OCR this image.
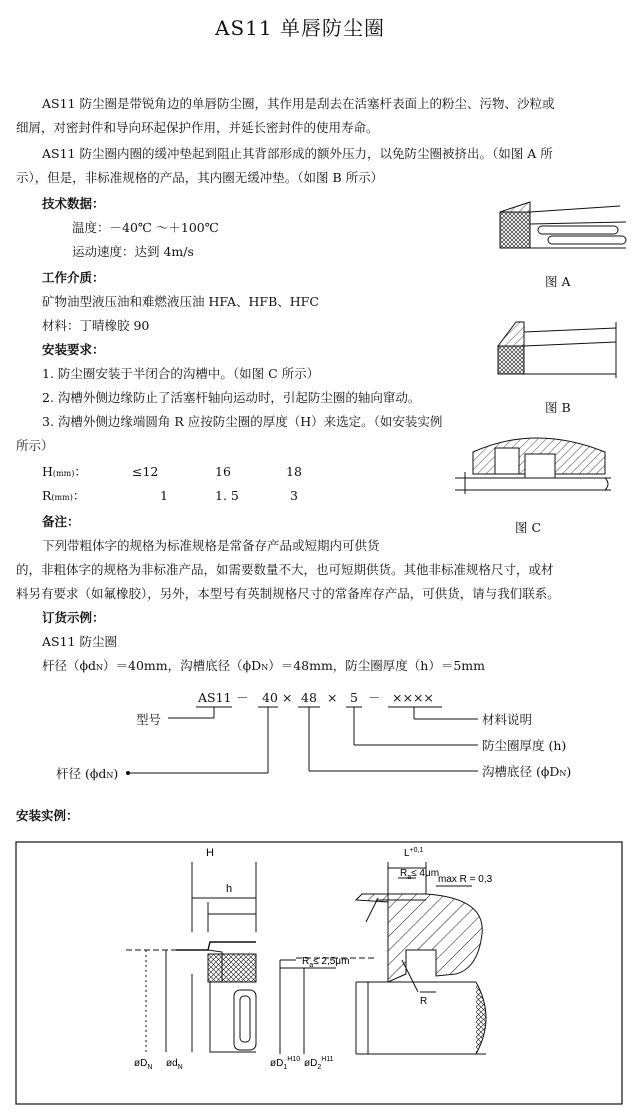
AS11 单唇防尘圈
AS11 防尘圈是带锐角边的单唇防尘圈，其作用是刮去在活塞杆表面上的粉尘、污物、沙粒或
细屑，对密封件和导向环起保护作用，并延长密封件的使用寿命。
AS11 防尘圈内圈的缓冲垫起到阻止其背部形成的额外压力，以免防尘圈被挤出。（如图 A 所
示），但是，非标准规格的产品，其内圈无缓冲垫。（如图 B 所示）
技术数据：
温度：－40℃ ～＋100℃
运动速度：达到 4m/s
工作介质：
矿物油型液压油和难燃液压油 HFA、HFB、HFC
材料：丁晴橡胶 90
安装要求：
1. 防尘圈安装于半闭合的沟槽中。（如图 C 所示）
2. 沟槽外侧边缘防止了活塞杆轴向运动时，引起防尘圈的轴向窜动。
3. 沟槽外侧边缘端圆角 R 应按防尘圈的厚度（H）来选定。（如安装实例
所示）
H(mm)：	≤12	16	18
R(mm)：	1	1. 5	3
备注：
下列带粗体字的规格为标准规格是常备存产品或短期内可供货
的，非粗体字的规格为非标准产品，如需要数量不大，也可短期供货。其他非标准规格尺寸，或材
料另有要求（如氟橡胶），另外，本型号有英制规格尺寸的常备库存产品，可供货，请与我们联系。
订货示例：
AS11 防尘圈
杆径（ϕdN）＝40mm，沟槽底径（ϕDN）＝48mm，防尘圈厚度（h）＝5mm
AS11 － 40 × 48 × 5 － ××××
型号
杆径 (ϕdN)
材料说明
防尘圈厚度 (h)
沟槽底径 (ϕDN)
图 A
图 B
图 C
安装实例：
H
h
$øD_N$ $ød_N$
$L^{+0,1}$
$R_a\le 4\mu m$
max R = 0,3
$R_a\le 2,5\mu m$
R
$øD_1^{H10}$ $øD_2^{H11}$
